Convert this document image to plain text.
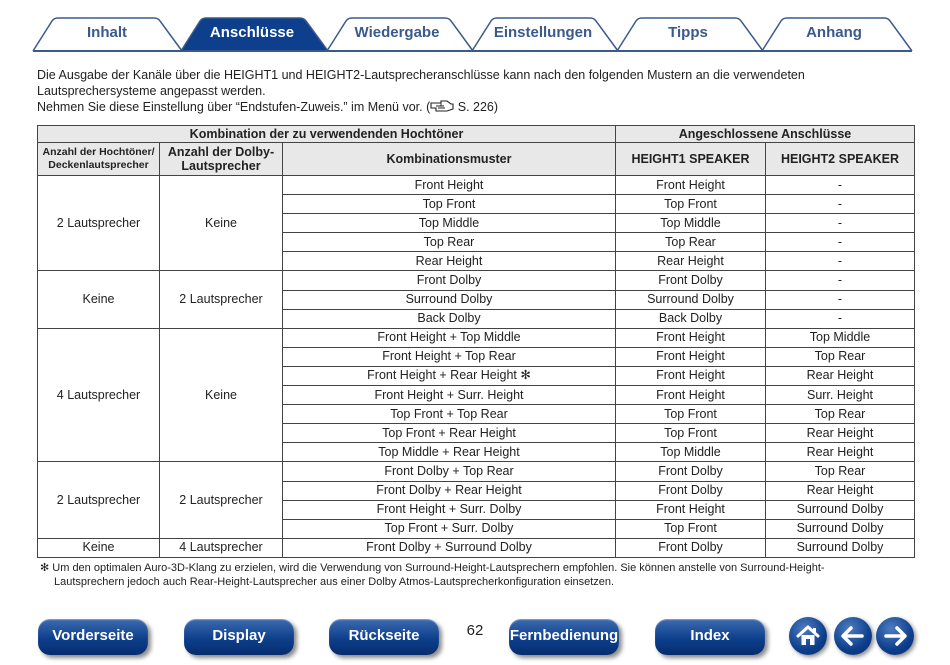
Inhalt	Anschlüsse	Wiedergabe	Einstellungen	Tipps	Anhang

Die Ausgabe der Kanäle über die HEIGHT1 und HEIGHT2-Lautsprecheranschlüsse kann nach den folgenden Mustern an die verwendeten

Lautsprechersysteme angepasst werden.

Nehmen Sie diese Einstellung über “Endstufen-Zuweis.” im Menü vor. ( S. 226)

Kombination der zu verwendenden Hochtöner			Angeschlossene Anschlüsse	
Anzahl der Hochtöner/ Deckenlautsprecher	Anzahl der Dolby-Lautsprecher	Kombinationsmuster	HEIGHT1 SPEAKER	HEIGHT2 SPEAKER
2 Lautsprecher	Keine	Front Height	Front Height	-
		Top Front	Top Front	-
		Top Middle	Top Middle	-
		Top Rear	Top Rear	-
		Rear Height	Rear Height	-
Keine	2 Lautsprecher	Front Dolby	Front Dolby	-
		Surround Dolby	Surround Dolby	-
		Back Dolby	Back Dolby	-
4 Lautsprecher	Keine	Front Height + Top Middle	Front Height	Top Middle
		Front Height + Top Rear	Front Height	Top Rear
		Front Height + Rear Height ✻	Front Height	Rear Height
		Front Height + Surr. Height	Front Height	Surr. Height
		Top Front + Top Rear	Top Front	Top Rear
		Top Front + Rear Height	Top Front	Rear Height
		Top Middle + Rear Height	Top Middle	Rear Height
2 Lautsprecher	2 Lautsprecher	Front Dolby + Top Rear	Front Dolby	Top Rear
		Front Dolby + Rear Height	Front Dolby	Rear Height
		Front Height + Surr. Dolby	Front Height	Surround Dolby
		Top Front + Surr. Dolby	Top Front	Surround Dolby
Keine	4 Lautsprecher	Front Dolby + Surround Dolby	Front Dolby	Surround Dolby
✻ Um den optimalen Auro-3D-Klang zu erzielen, wird die Verwendung von Surround-Height-Lautsprechern empfohlen. Sie können anstelle von Surround-Height-
Lautsprechern jedoch auch Rear-Height-Lautsprecher aus einer Dolby Atmos-Lautsprecherkonfiguration einsetzen.
Vorderseite	Display	Rückseite	62	Fernbedienung	Index
